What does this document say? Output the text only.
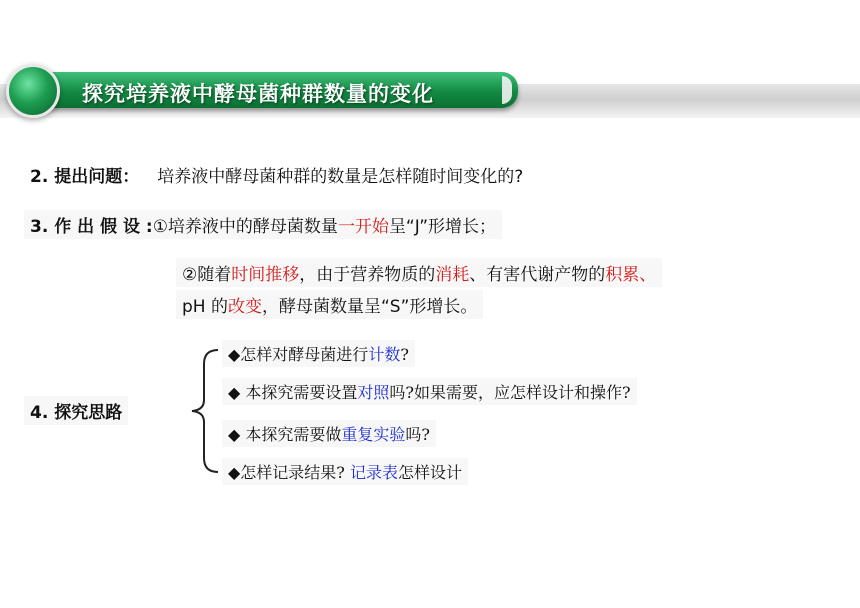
探究培养液中酵母菌种群数量的变化
2. 提出问题： 培养液中酵母菌种群的数量是怎样随时间变化的?
3. 作 出 假 设 :①培养液中的酵母菌数量一开始呈“J”形增长；
②随着时间推移，由于营养物质的消耗、有害代谢产物的积累、
pH 的改变，酵母菌数量呈“S”形增长。
4. 探究思路
◆怎样对酵母菌进行计数?
◆ 本探究需要设置对照吗?如果需要，应怎样设计和操作?
◆ 本探究需要做重复实验吗?
◆怎样记录结果? 记录表怎样设计
